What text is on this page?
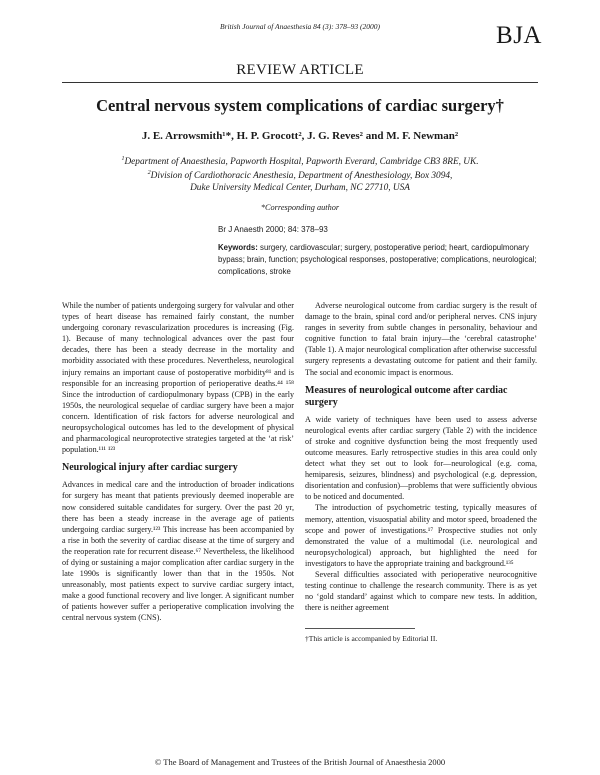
British Journal of Anaesthesia 84 (3): 378–93 (2000)	BJA
REVIEW ARTICLE
Central nervous system complications of cardiac surgery†
J. E. Arrowsmith¹*, H. P. Grocott², J. G. Reves² and M. F. Newman²
$^1$Department of Anaesthesia, Papworth Hospital, Papworth Everard, Cambridge CB3 8RE, UK.
$^2$Division of Cardiothoracic Anesthesia, Department of Anesthesiology, Box 3094,
Duke University Medical Center, Durham, NC 27710, USA
*Corresponding author
Br J Anaesth 2000; 84: 378–93
Keywords: surgery, cardiovascular; surgery, postoperative period; heart, cardiopulmonary bypass; brain, function; psychological responses, postoperative; complications, neurological; complications, stroke

While the number of patients undergoing surgery for valvular and other types of heart disease has remained fairly constant, the number undergoing coronary revascularization procedures is increasing (Fig. 1). Because of many technological advances over the past four decades, there has been a steady decrease in the mortality and morbidity associated with these procedures. Nevertheless, neurological injury remains an important cause of postoperative morbidity⁸¹ and is responsible for an increasing proportion of perioperative deaths.⁴⁴ ¹⁵⁸ Since the introduction of cardiopulmonary bypass (CPB) in the early 1950s, the neurological sequelae of cardiac surgery have been a major concern. Identification of risk factors for adverse neurological and neuropsychological outcomes has led to the development of physical and pharmacological neuroprotective strategies targeted at the ‘at risk’ population.¹¹¹ ¹²³

Neurological injury after cardiac surgery

Advances in medical care and the introduction of broader indications for surgery has meant that patients previously deemed inoperable are now considered suitable candidates for surgery. Over the past 20 yr, there has been a steady increase in the average age of patients undergoing cardiac surgery.¹²³ This increase has been accompanied by a rise in both the severity of cardiac disease at the time of surgery and the reoperation rate for recurrent disease.⁶⁷ Nevertheless, the likelihood of dying or sustaining a major complication after cardiac surgery in the late 1990s is significantly lower than that in the 1950s. Not unreasonably, most patients expect to survive cardiac surgery intact, make a good functional recovery and live longer. A significant number of patients however suffer a perioperative complication involving the central nervous system (CNS).

Adverse neurological outcome from cardiac surgery is the result of damage to the brain, spinal cord and/or peripheral nerves. CNS injury ranges in severity from subtle changes in personality, behaviour and cognitive function to fatal brain injury—the ‘cerebral catastrophe’ (Table 1). A major neurological complication after otherwise successful surgery represents a devastating outcome for patient and their family. The social and economic impact is enormous.

Measures of neurological outcome after cardiac surgery

A wide variety of techniques have been used to assess adverse neurological events after cardiac surgery (Table 2) with the incidence of stroke and cognitive dysfunction being the most frequently used outcome measures. Early retrospective studies in this area could only detect what they set out to look for—neurological (e.g. coma, hemiparesis, seizures, blindness) and psychological (e.g. depression, disorientation and confusion)—problems that were sufficiently obvious to be noticed and documented.

The introduction of psychometric testing, typically measures of memory, attention, visuospatial ability and motor speed, broadened the scope and power of investigations.¹⁷ Prospective studies not only demonstrated the value of a multimodal (i.e. neurological and neuropsychological) approach, but highlighted the need for investigators to have the appropriate training and background.¹³⁵

Several difficulties associated with perioperative neurocognitive testing continue to challenge the research community. There is as yet no ‘gold standard’ against which to compare new tests. In addition, there is neither agreement

†This article is accompanied by Editorial II.
© The Board of Management and Trustees of the British Journal of Anaesthesia 2000
